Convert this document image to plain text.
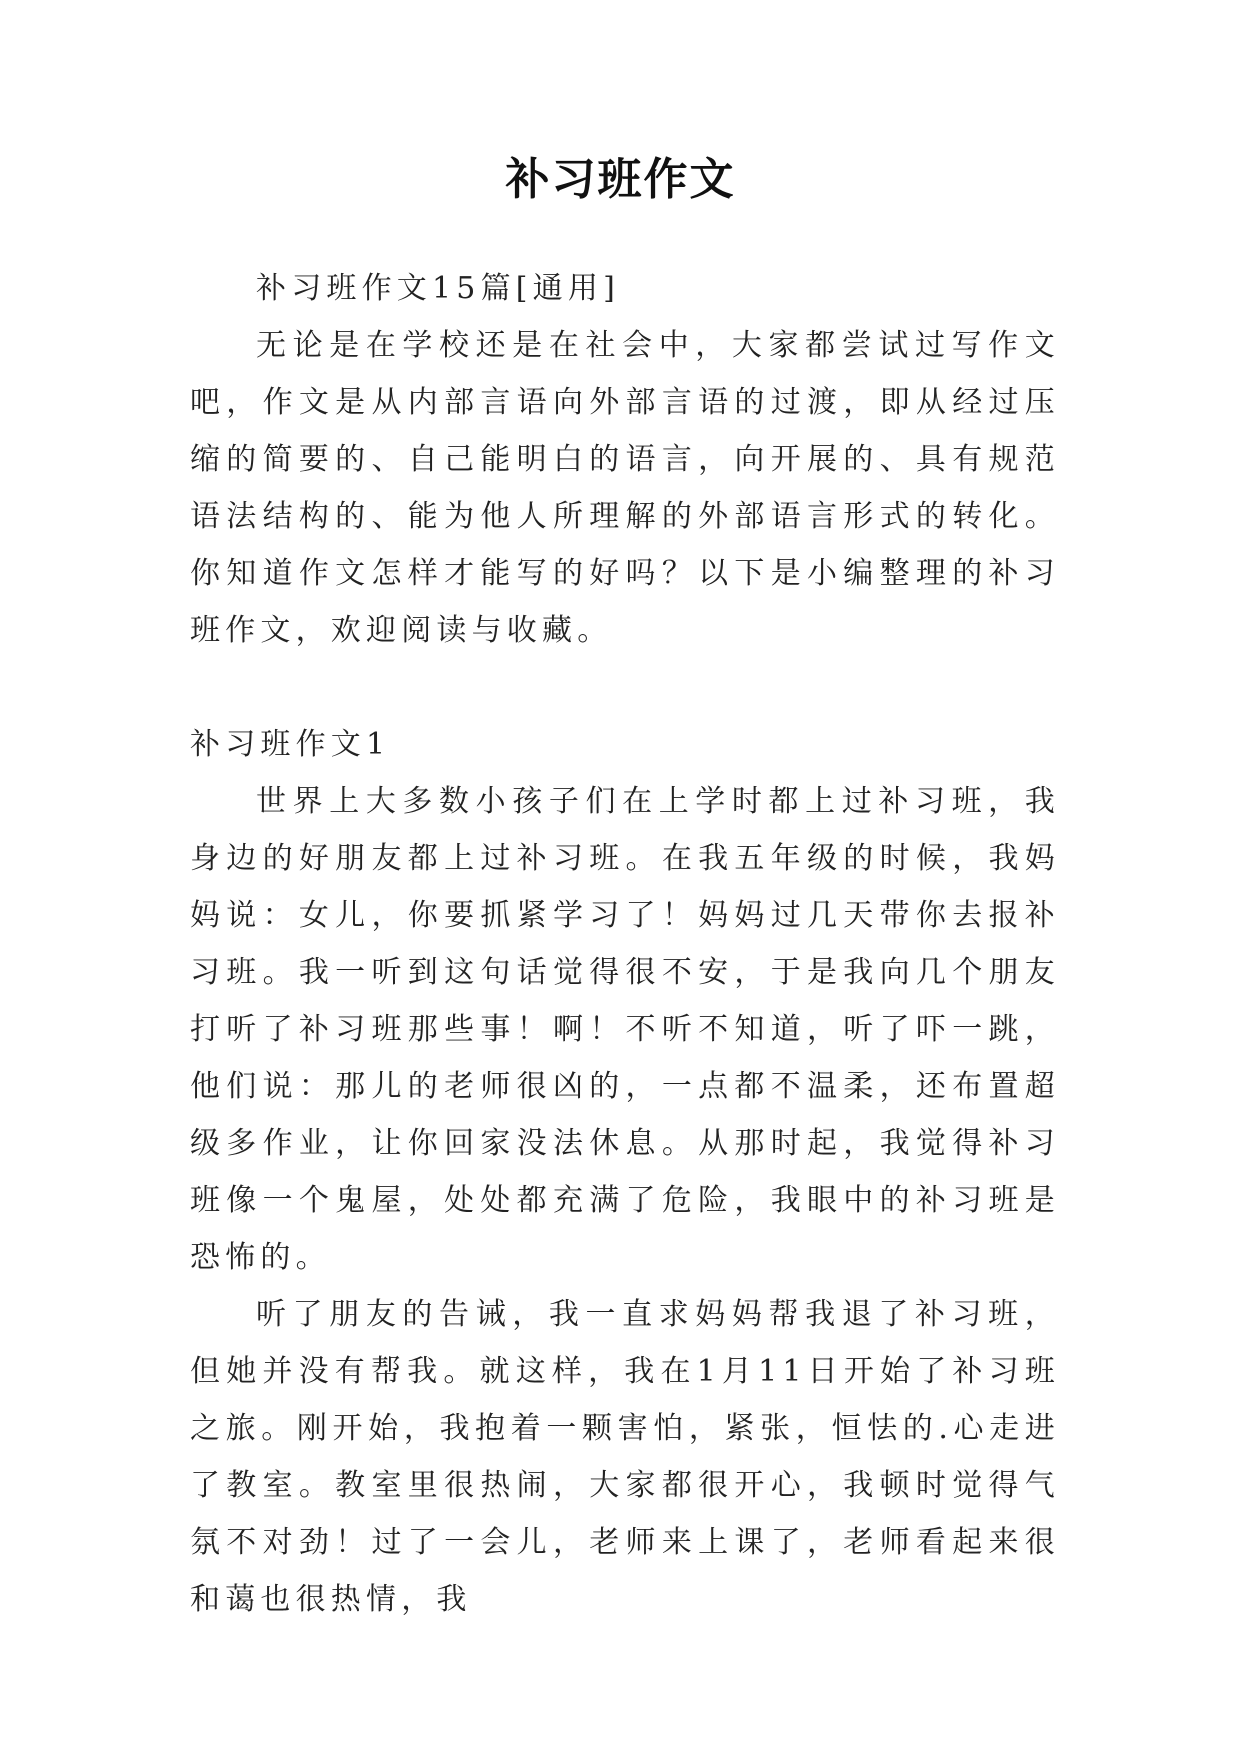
补习班作文

补习班作文15篇[通用]

无论是在学校还是在社会中，大家都尝试过写作文吧，作文是从内部言语向外部言语的过渡，即从经过压缩的简要的、自己能明白的语言，向开展的、具有规范语法结构的、能为他人所理解的外部语言形式的转化。你知道作文怎样才能写的好吗？以下是小编整理的补习班作文，欢迎阅读与收藏。

补习班作文1

世界上大多数小孩子们在上学时都上过补习班，我身边的好朋友都上过补习班。在我五年级的时候，我妈妈说：女儿，你要抓紧学习了！妈妈过几天带你去报补习班。我一听到这句话觉得很不安，于是我向几个朋友打听了补习班那些事！啊！不听不知道，听了吓一跳，他们说：那儿的老师很凶的，一点都不温柔，还布置超级多作业，让你回家没法休息。从那时起，我觉得补习班像一个鬼屋，处处都充满了危险，我眼中的补习班是恐怖的。

听了朋友的告诫，我一直求妈妈帮我退了补习班，但她并没有帮我。就这样，我在1月11日开始了补习班之旅。刚开始，我抱着一颗害怕，紧张，恒怯的.心走进了教室。教室里很热闹，大家都很开心，我顿时觉得气氛不对劲！过了一会儿，老师来上课了，老师看起来很和蔼也很热情，我
